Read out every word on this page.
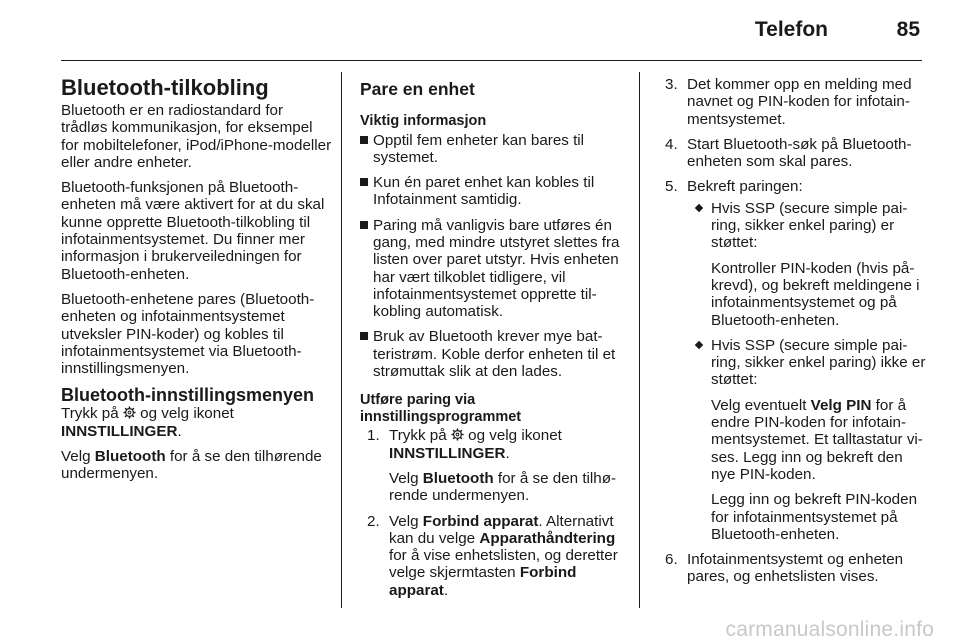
Telefon	85
Bluetooth-tilkobling

Bluetooth er en radiostandard for trådløs kommunikasjon, for eksempel for mobiltelefoner, iPod/iPhone-modeller eller andre enheter.

Bluetooth-funksjonen på Bluetooth-enheten må være aktivert for at du skal kunne opprette Bluetooth-tilkobling til infotainmentsystemet. Du finner mer informasjon i brukerveiledningen for Bluetooth-enheten.

Bluetooth-enhetene pares (Bluetooth-enheten og infotainmentsystemet utveksler PIN-koder) og kobles til infotainmentsystemet via Bluetooth-innstillingsmenyen.

Bluetooth-innstillingsmenyen

Trykk på og velg ikonet INNSTILLINGER.

Velg Bluetooth for å se den tilhørende undermenyen.

Pare en enhet
Viktig informasjon
Opptil fem enheter kan bares til systemet.
Kun én paret enhet kan kobles til Infotainment samtidig.
Paring må vanligvis bare utføres én gang, med mindre utstyret slettes fra listen over paret utstyr. Hvis enheten har vært tilkoblet tidligere, vil infotainmentsystemet opprette tilkobling automatisk.
Bruk av Bluetooth krever mye batteristrøm. Koble derfor enheten til et strømuttak slik at den lades.
Utføre paring via innstillingsprogrammet
1. Trykk på og velg ikonet INNSTILLINGER.

Velg Bluetooth for å se den tilhørende undermenyen.

2. Velg Forbind apparat. Alternativt kan du velge Apparathåndtering for å vise enhetslisten, og deretter velge skjermtasten Forbind apparat.
3. Det kommer opp en melding med navnet og PIN-koden for infotainmentsystemet.
4. Start Bluetooth-søk på Bluetooth-enheten som skal pares.
5. Bekreft paringen:
Hvis SSP (secure simple pairing, sikker enkel paring) er støttet:

Kontroller PIN-koden (hvis påkrevd), og bekreft meldingene i infotainmentsystemet og på Bluetooth-enheten.

Hvis SSP (secure simple pairing, sikker enkel paring) ikke er støttet:

Velg eventuelt Velg PIN for å endre PIN-koden for infotainmentsystemet. Et talltastatur vises. Legg inn og bekreft den nye PIN-koden.

Legg inn og bekreft PIN-koden for infotainmentsystemet på Bluetooth-enheten.

6. Infotainmentsystemt og enheten pares, og enhetslisten vises.
carmanualsonline.info
